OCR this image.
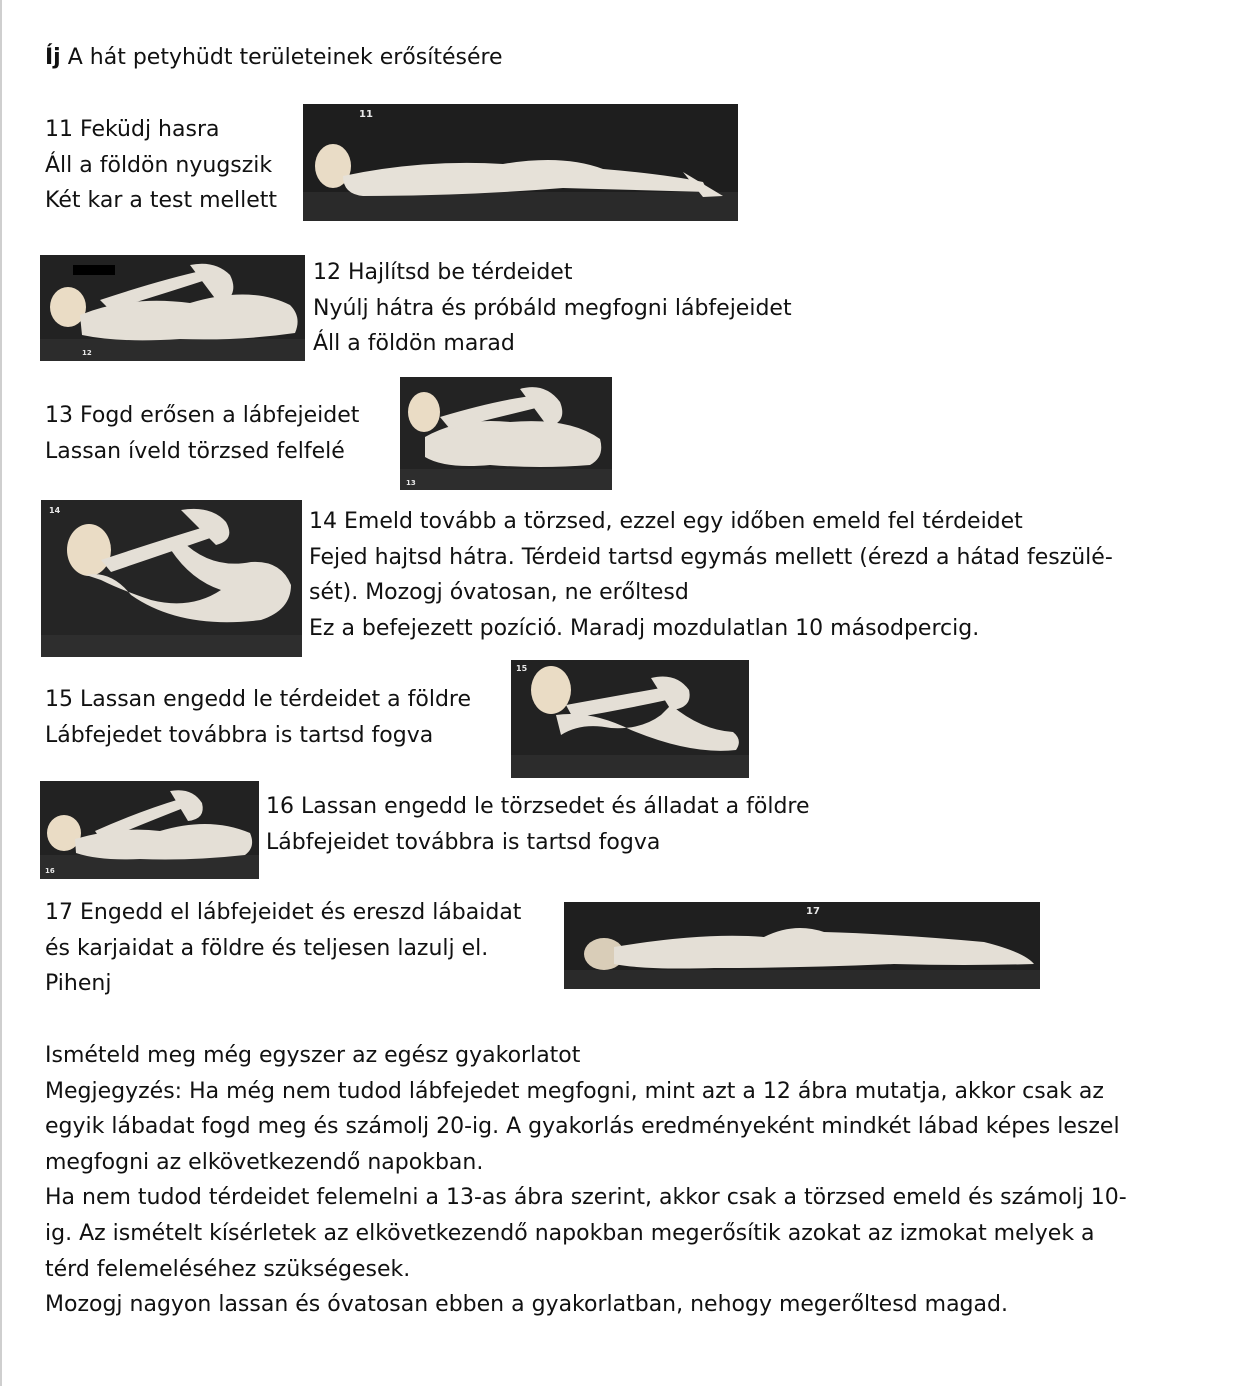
Íj A hát petyhüdt területeinek erősítésére
11 Feküdj hasra
Áll a földön nyugszik
Két kar a test mellett
11
12
12 Hajlítsd be térdeidet
Nyúlj hátra és próbáld megfogni lábfejeidet
Áll a földön marad
13 Fogd erősen a lábfejeidet
Lassan íveld törzsed felfelé
13
14	14 Emeld tovább a törzsed, ezzel egy időben emeld fel térdeidet
Fejed hajtsd hátra. Térdeid tartsd egymás mellett (érezd a hátad feszülé-
sét). Mozogj óvatosan, ne erőltesd
Ez a befejezett pozíció. Maradj mozdulatlan 10 másodpercig.
15 Lassan engedd le térdeidet a földre
Lábfejedet továbbra is tartsd fogva
15
16
16 Lassan engedd le törzsedet és álladat a földre
Lábfejeidet továbbra is tartsd fogva
17 Engedd el lábfejeidet és ereszd lábaidat
és karjaidat a földre és teljesen lazulj el.
Pihenj
17
Ismételd meg még egyszer az egész gyakorlatot
Megjegyzés: Ha még nem tudod lábfejedet megfogni, mint azt a 12 ábra mutatja, akkor csak az
egyik lábadat fogd meg és számolj 20-ig. A gyakorlás eredményeként mindkét lábad képes leszel
megfogni az elkövetkezendő napokban.
Ha nem tudod térdeidet felemelni a 13-as ábra szerint, akkor csak a törzsed emeld és számolj 10-
ig. Az ismételt kísérletek az elkövetkezendő napokban megerősítik azokat az izmokat melyek a
térd felemeléséhez szükségesek.
Mozogj nagyon lassan és óvatosan ebben a gyakorlatban, nehogy megerőltesd magad.
